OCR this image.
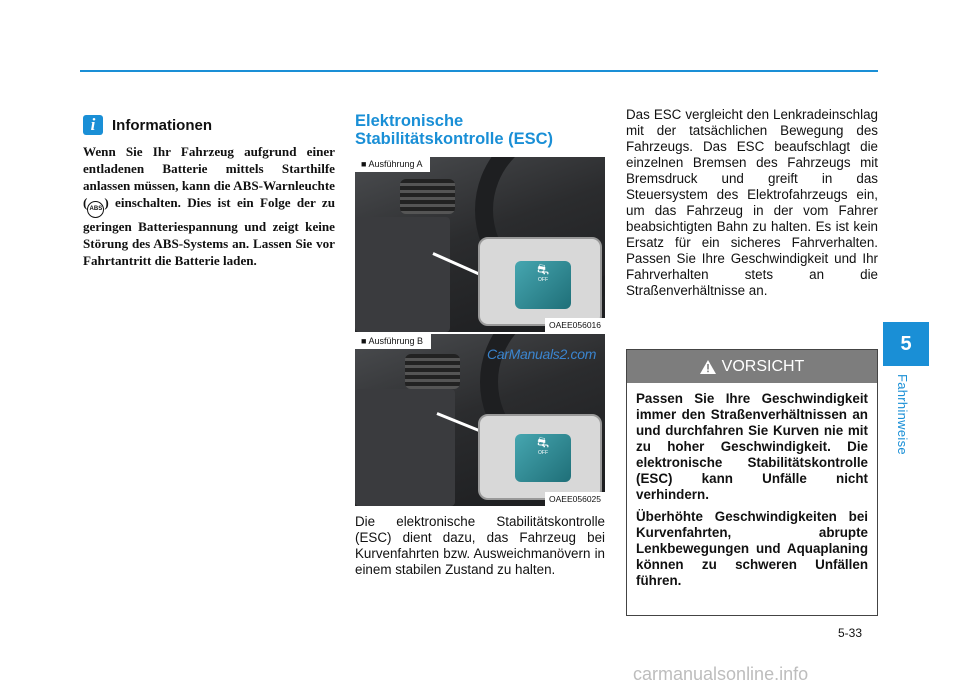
i	Informationen

Wenn Sie Ihr Fahrzeug aufgrund einer entladenen Batterie mittels Starthilfe anlassen müssen, kann die ABS-Warnleuchte ( ABS ) einschalten. Dies ist ein Folge der zu geringen Batteriespannung und zeigt keine Störung des ABS-Systems an. Lassen Sie vor Fahrtantritt die Batterie laden.

Elektronische Stabilitätskontrolle (ESC)
⛐
OFF
■ Ausführung A
OAEE056016
⛐
OFF
■ Ausführung B
OAEE056025
CarManuals2.com

Die elektronische Stabilitätskontrolle (ESC) dient dazu, das Fahrzeug bei Kurvenfahrten bzw. Ausweichmanövern in einem stabilen Zustand zu halten.

Das ESC vergleicht den Lenkradeinschlag mit der tatsächlichen Bewegung des Fahrzeugs. Das ESC beaufschlagt die einzelnen Bremsen des Fahrzeugs mit Bremsdruck und greift in das Steuersystem des Elektrofahrzeugs ein, um das Fahrzeug in der vom Fahrer beabsichtigten Bahn zu halten. Es ist kein Ersatz für ein sicheres Fahrverhalten. Passen Sie Ihre Geschwindigkeit und Ihr Fahrverhalten stets an die Straßenverhältnisse an.

VORSICHT

Passen Sie Ihre Geschwindigkeit immer den Straßenverhältnissen an und durchfahren Sie Kurven nie mit zu hoher Geschwindigkeit. Die elektronische Stabilitätskontrolle (ESC) kann Unfälle nicht verhindern.

Überhöhte Geschwindigkeiten bei Kurvenfahrten, abrupte Lenkbewegungen und Aquaplaning können zu schweren Unfällen führen.

5
Fahrhinweise
5-33
carmanualsonline.info
